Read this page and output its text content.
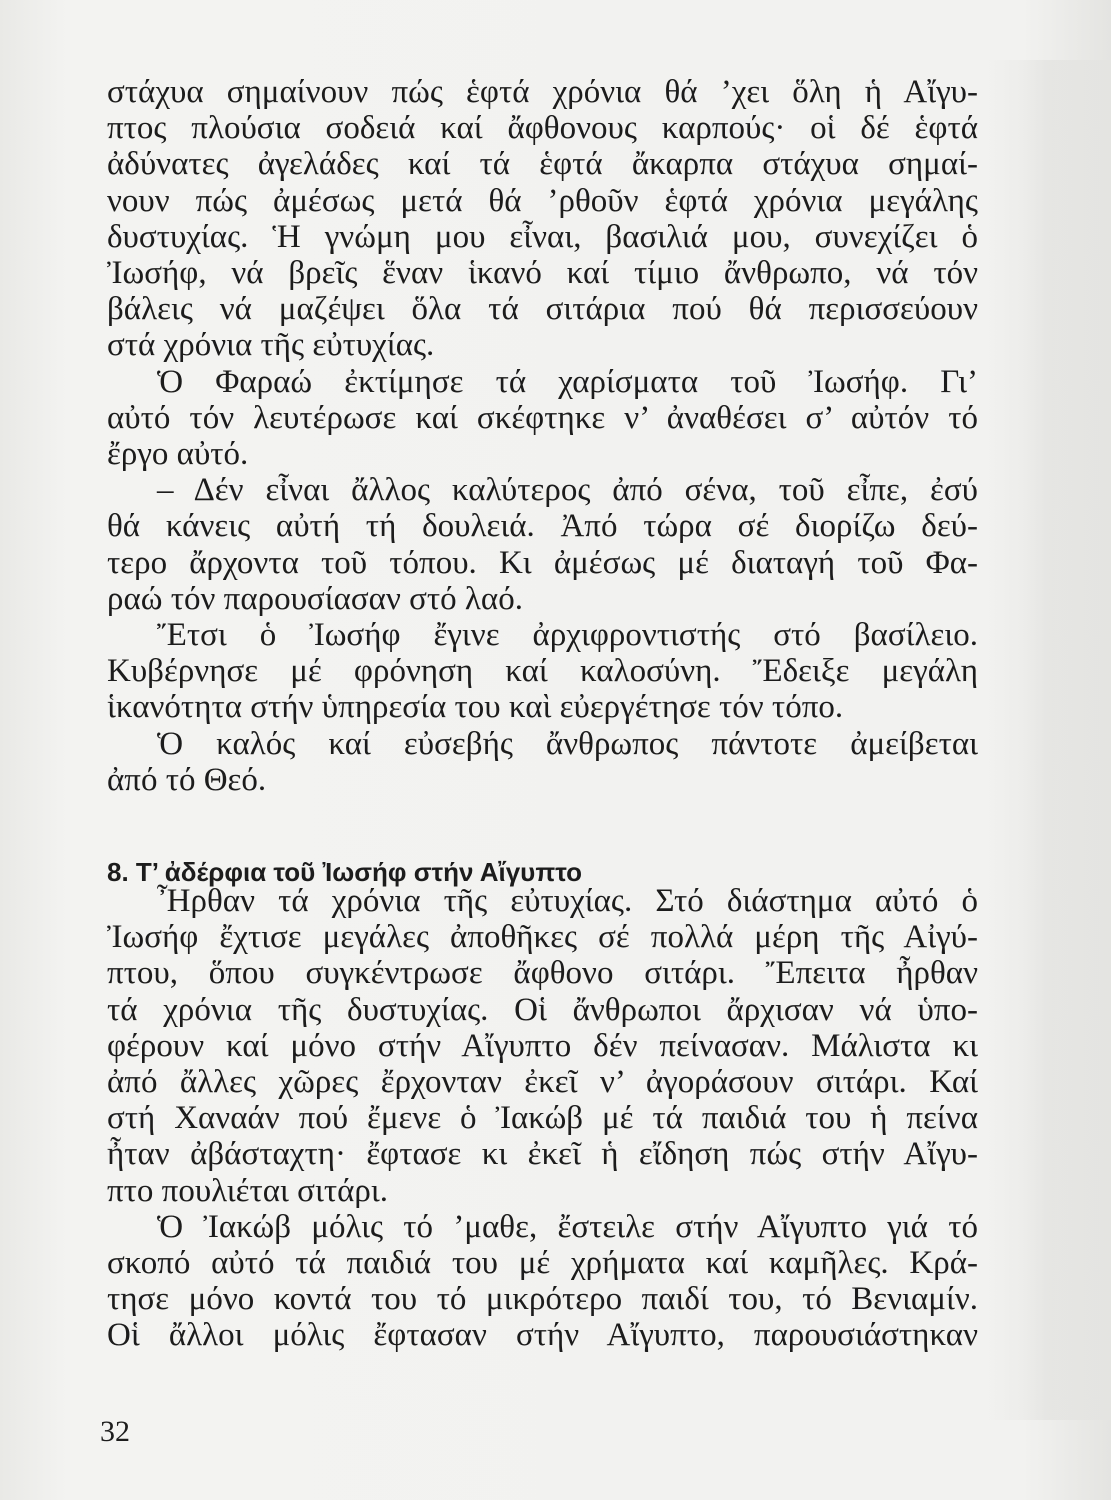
στάχυα σημαίνουν πώς ἑφτά χρόνια θά ’χει ὅλη ἡ Αἴγυ-
πτος πλούσια σοδειά καί ἄφθονους καρπούς· οἱ δέ ἑφτά
ἀδύνατες ἀγελάδες καί τά ἑφτά ἄκαρπα στάχυα σημαί-
νουν πώς ἀμέσως μετά θά ’ρθοῦν ἑφτά χρόνια μεγάλης
δυστυχίας. Ἡ γνώμη μου εἶναι, βασιλιά μου, συνεχίζει ὁ
Ἰωσήφ, νά βρεῖς ἕναν ἱκανό καί τίμιο ἄνθρωπο, νά τόν
βάλεις νά μαζέψει ὅλα τά σιτάρια πού θά περισσεύουν
στά χρόνια τῆς εὐτυχίας.
Ὁ Φαραώ ἐκτίμησε τά χαρίσματα τοῦ Ἰωσήφ. Γι’
αὐτό τόν λευτέρωσε καί σκέφτηκε ν’ ἀναθέσει σ’ αὐτόν τό
ἔργο αὐτό.
– Δέν εἶναι ἄλλος καλύτερος ἀπό σένα, τοῦ εἶπε, ἐσύ
θά κάνεις αὐτή τή δουλειά. Ἀπό τώρα σέ διορίζω δεύ-
τερο ἄρχοντα τοῦ τόπου. Κι ἀμέσως μέ διαταγή τοῦ Φα-
ραώ τόν παρουσίασαν στό λαό.
Ἔτσι ὁ Ἰωσήφ ἔγινε ἀρχιφροντιστής στό βασίλειο.
Κυβέρνησε μέ φρόνηση καί καλοσύνη. Ἔδειξε μεγάλη
ἱκανότητα στήν ὑπηρεσία του καὶ εὐεργέτησε τόν τόπο.
Ὁ καλός καί εὐσεβής ἄνθρωπος πάντοτε ἀμείβεται
ἀπό τό Θεό.
8. Τ’ ἀδέρφια τοῦ Ἰωσήφ στήν Αἴγυπτο
Ἦρθαν τά χρόνια τῆς εὐτυχίας. Στό διάστημα αὐτό ὁ
Ἰωσήφ ἔχτισε μεγάλες ἀποθῆκες σέ πολλά μέρη τῆς Αἰγύ-
πτου, ὅπου συγκέντρωσε ἄφθονο σιτάρι. Ἔπειτα ἦρθαν
τά χρόνια τῆς δυστυχίας. Οἱ ἄνθρωποι ἄρχισαν νά ὑπο-
φέρουν καί μόνο στήν Αἴγυπτο δέν πείνασαν. Μάλιστα κι
ἀπό ἄλλες χῶρες ἔρχονταν ἐκεῖ ν’ ἀγοράσουν σιτάρι. Καί
στή Χαναάν πού ἔμενε ὁ Ἰακώβ μέ τά παιδιά του ἡ πείνα
ἦταν ἀβάσταχτη· ἔφτασε κι ἐκεῖ ἡ εἴδηση πώς στήν Αἴγυ-
πτο πουλιέται σιτάρι.
Ὁ Ἰακώβ μόλις τό ’μαθε, ἔστειλε στήν Αἴγυπτο γιά τό
σκοπό αὐτό τά παιδιά του μέ χρήματα καί καμῆλες. Κρά-
τησε μόνο κοντά του τό μικρότερο παιδί του, τό Βενιαμίν.
Οἱ ἄλλοι μόλις ἔφτασαν στήν Αἴγυπτο, παρουσιάστηκαν
32
